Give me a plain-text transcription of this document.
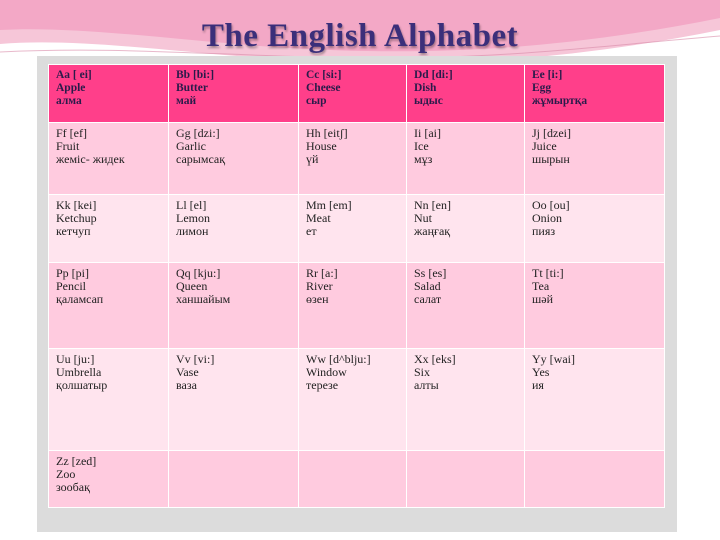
The English Alphabet
Aa [ ei]
Apple
алма	Bb [bi:]
Butter
май	Cc [si:]
Cheese
сыр	Dd [di:]
Dish
ыдыс	Ee [i:]
Egg
жұмыртқа

Ff [ef]
Fruit
жеміс- жидек	Gg [dzi:]
Garlic
сарымсақ	Hh [eitʃ]
House
үй	Ii [ai]
Ice
мұз	Jj [dzei]
Juice
шырын

Kk [kei]
Ketchup
кетчуп	Ll [el]
Lemon
лимон	Mm [em]
Meat
ет	Nn [en]
Nut
жаңғақ	Oo [ou]
Onion
пияз

Pp [pi]
Pencil
қаламсап	Qq [kju:]
Queen
ханшайым	Rr [a:]
River
өзен	Ss [es]
Salad
салат	Tt [ti:]
Tea
шәй

Uu [ju:]
Umbrella
қолшатыр	Vv [vi:]
Vase
ваза	Ww [d^blju:]
Window
терезе	Xx [eks]
Six
алты	Yy [wai]
Yes
ия

Zz [zed]
Zoo
зообақ				
